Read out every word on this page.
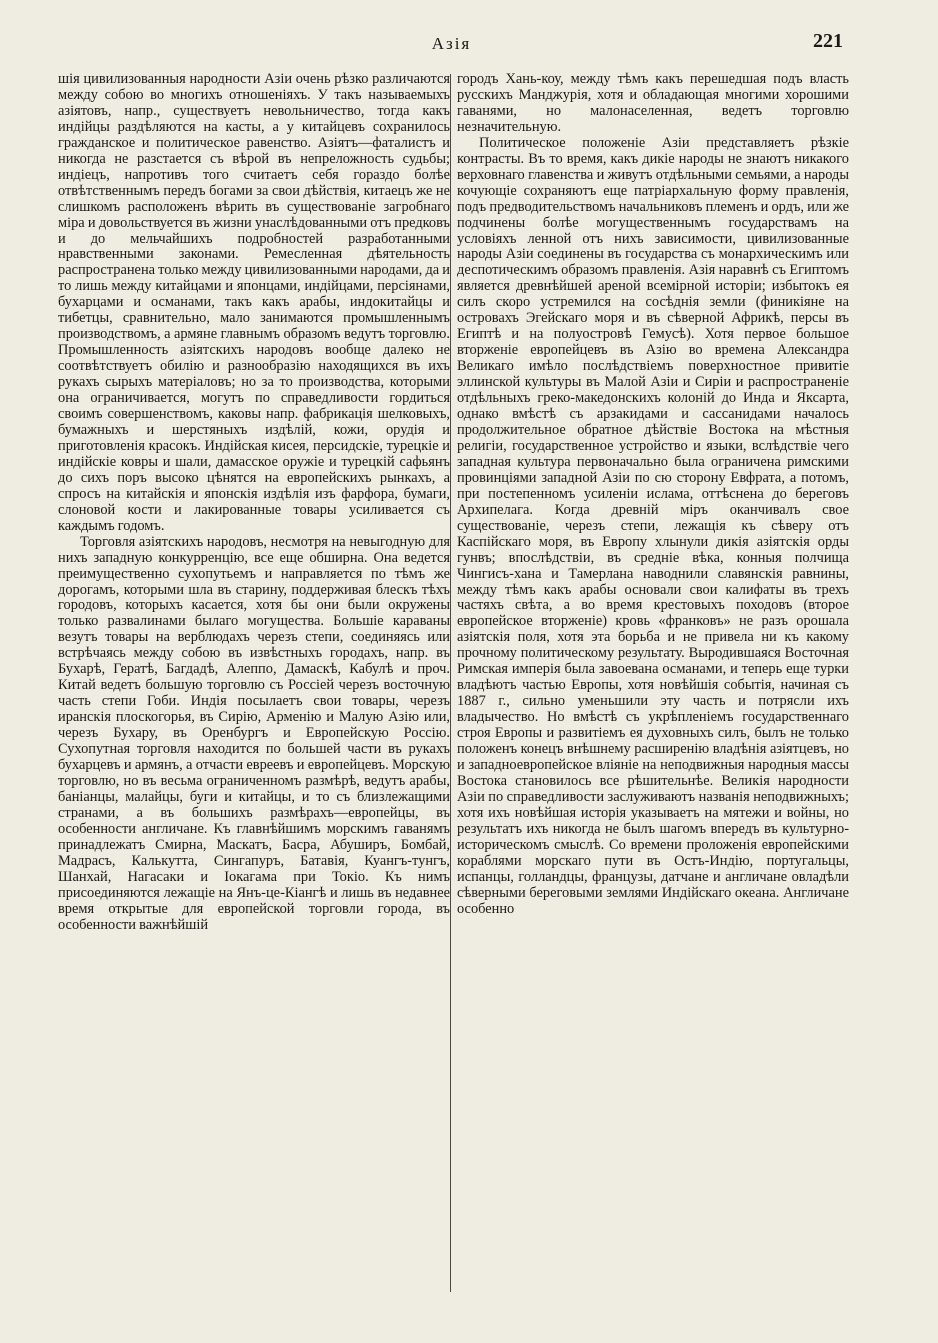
Азія	221

шія цивилизованныя народности Азіи очень рѣзко различаются между собою во многихъ отношеніяхъ. У такъ называемыхъ азіятовъ, напр., существуетъ невольничество, тогда какъ индійцы раздѣляются на касты, а у китайцевъ сохранилось гражданское и политическое равенство. Азіятъ—фаталистъ и никогда не разстается съ вѣрой въ непреложность судьбы; индіецъ, напротивъ того считаетъ себя гораздо болѣе отвѣтственнымъ передъ богами за свои дѣйствія, китаецъ же не слишкомъ расположенъ вѣрить въ существованіе загробнаго міра и довольствуется въ жизни унаслѣдованными отъ предковъ и до мельчайшихъ подробностей разработанными нравственными законами. Ремесленная дѣятельность распространена только между цивилизованными народами, да и то лишь между китайцами и японцами, индійцами, персіянами, бухарцами и османами, такъ какъ арабы, индокитайцы и тибетцы, сравнительно, мало занимаются промышленнымъ производствомъ, а армяне главнымъ образомъ ведутъ торговлю. Промышленность азіятскихъ народовъ вообще далеко не соотвѣтствуетъ обилію и разнообразію находящихся въ ихъ рукахъ сырыхъ матеріаловъ; но за то производства, которыми она ограничивается, могутъ по справедливости гордиться своимъ совершенствомъ, каковы напр. фабрикація шелковыхъ, бумажныхъ и шерстяныхъ издѣлій, кожи, орудія и приготовленія красокъ. Индійская кисея, персидскіе, турецкіе и индійскіе ковры и шали, дамасское оружіе и турецкій сафьянъ до сихъ поръ высоко цѣнятся на европейскихъ рынкахъ, а спросъ на китайскія и японскія издѣлія изъ фарфора, бумаги, слоновой кости и лакированные товары усиливается съ каждымъ годомъ.

Торговля азіятскихъ народовъ, несмотря на невыгодную для нихъ западную конкурренцію, все еще обширна. Она ведется преимущественно сухопутьемъ и направляется по тѣмъ же дорогамъ, которыми шла въ старину, поддерживая блескъ тѣхъ городовъ, которыхъ касается, хотя бы они были окружены только развалинами былаго могущества. Большіе караваны везутъ товары на верблюдахъ черезъ степи, соединяясь или встрѣчаясь между собою въ извѣстныхъ городахъ, напр. въ Бухарѣ, Гератѣ, Багдадѣ, Алеппо, Дамаскѣ, Кабулѣ и проч. Китай ведетъ большую торговлю съ Россіей черезъ восточную часть степи Гоби. Индія посылаетъ свои товары, черезъ иранскія плоскогорья, въ Сирію, Арменію и Малую Азію или, черезъ Бухару, въ Оренбургъ и Европейскую Россію. Сухопутная торговля находится по большей части въ рукахъ бухарцевъ и армянъ, а отчасти евреевъ и европейцевъ. Морскую торговлю, но въ весьма ограниченномъ размѣрѣ, ведутъ арабы, баніанцы, малайцы, буги и китайцы, и то съ близлежащими странами, а въ большихъ размѣрахъ—европейцы, въ особенности англичане. Къ главнѣйшимъ морскимъ гаванямъ принадлежатъ Смирна, Маскатъ, Басра, Абуширъ, Бомбай, Мадрасъ, Калькутта, Сингапуръ, Батавія, Куангъ-тунгъ, Шанхай, Нагасаки и Іокагама при Токіо. Къ нимъ присоединяются лежащіе на Янъ-це-Кіангѣ и лишь въ недавнее время открытые для европейской торговли города, въ особенности важнѣйшій

городъ Хань-коу, между тѣмъ какъ перешедшая подъ власть русскихъ Манджурія, хотя и обладающая многими хорошими гаванями, но малонаселенная, ведетъ торговлю незначительную.

Политическое положеніе Азіи представляетъ рѣзкіе контрасты. Въ то время, какъ дикіе народы не знаютъ никакого верховнаго главенства и живутъ отдѣльными семьями, а народы кочующіе сохраняютъ еще патріархальную форму правленія, подъ предводительствомъ начальниковъ племенъ и ордъ, или же подчинены болѣе могущественнымъ государствамъ на условіяхъ ленной отъ нихъ зависимости, цивилизованные народы Азіи соединены въ государства съ монархическимъ или деспотическимъ образомъ правленія. Азія наравнѣ съ Египтомъ является древнѣйшей ареной всемірной исторіи; избытокъ ея силъ скоро устремился на сосѣднія земли (финикіяне на островахъ Эгейскаго моря и въ сѣверной Африкѣ, персы въ Египтѣ и на полуостровѣ Гемусѣ). Хотя первое большое вторженіе европейцевъ въ Азію во времена Александра Великаго имѣло послѣдствіемъ поверхностное привитіе эллинской культуры въ Малой Азіи и Сиріи и распространеніе отдѣльныхъ греко-македонскихъ колоній до Инда и Яксарта, однако вмѣстѣ съ арзакидами и сассанидами началось продолжительное обратное дѣйствіе Востока на мѣстныя религіи, государственное устройство и языки, вслѣдствіе чего западная культура первоначально была ограничена римскими провинціями западной Азіи по сю сторону Евфрата, а потомъ, при постепенномъ усиленіи ислама, оттѣснена до береговъ Архипелага. Когда древній міръ оканчивалъ свое существованіе, черезъ степи, лежащія къ сѣверу отъ Каспійскаго моря, въ Европу хлынули дикія азіятскія орды гунвъ; впослѣдствіи, въ средніе вѣка, конныя полчища Чингисъ-хана и Тамерлана наводнили славянскія равнины, между тѣмъ какъ арабы основали свои калифаты въ трехъ частяхъ свѣта, а во время крестовыхъ походовъ (второе европейское вторженіе) кровь «франковъ» не разъ орошала азіятскія поля, хотя эта борьба и не привела ни къ какому прочному политическому результату. Выродившаяся Восточная Римская имперія была завоевана османами, и теперь еще турки владѣютъ частью Европы, хотя новѣйшія событія, начиная съ 1887 г., сильно уменьшили эту часть и потрясли ихъ владычество. Но вмѣстѣ съ укрѣпленіемъ государственнаго строя Европы и развитіемъ ея духовныхъ силъ, былъ не только положенъ конецъ внѣшнему расширенію владѣнія азіятцевъ, но и западноевропейское вліяніе на неподвижныя народныя массы Востока становилось все рѣшительнѣе. Великія народности Азіи по справедливости заслуживаютъ названія неподвижныхъ; хотя ихъ новѣйшая исторія указываетъ на мятежи и войны, но результатъ ихъ никогда не былъ шагомъ впередъ въ культурно-историческомъ смыслѣ. Со времени проложенія европейскими кораблями морскаго пути въ Остъ-Индію, португальцы, испанцы, голландцы, французы, датчане и англичане овладѣли сѣверными береговыми землями Индійскаго океана. Англичане особенно
